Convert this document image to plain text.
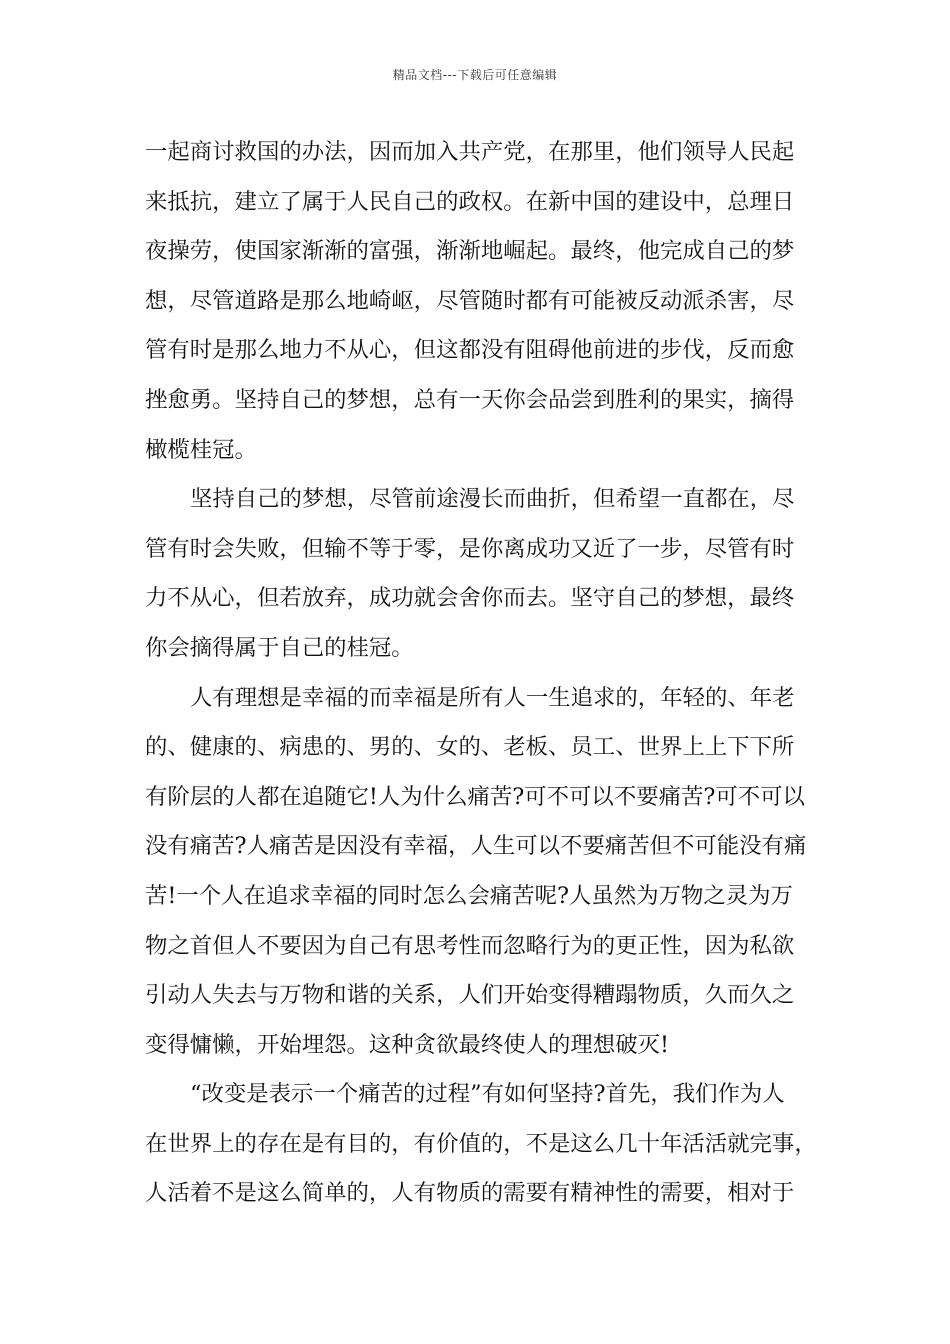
精品文档---下载后可任意编辑
一起商讨救国的办法，因而加入共产党，在那里，他们领导人民起
来抵抗，建立了属于人民自己的政权。在新中国的建设中，总理日
夜操劳，使国家渐渐的富强，渐渐地崛起。最终，他完成自己的梦
想，尽管道路是那么地崎岖，尽管随时都有可能被反动派杀害，尽
管有时是那么地力不从心，但这都没有阻碍他前进的步伐，反而愈
挫愈勇。坚持自己的梦想，总有一天你会品尝到胜利的果实，摘得
橄榄桂冠。
坚持自己的梦想，尽管前途漫长而曲折，但希望一直都在，尽
管有时会失败，但输不等于零，是你离成功又近了一步，尽管有时
力不从心，但若放弃，成功就会舍你而去。坚守自己的梦想，最终
你会摘得属于自己的桂冠。
人有理想是幸福的而幸福是所有人一生追求的，年轻的、年老
的、健康的、病患的、男的、女的、老板、员工、世界上上下下所
有阶层的人都在追随它!人为什么痛苦?可不可以不要痛苦?可不可以
没有痛苦?人痛苦是因没有幸福，人生可以不要痛苦但不可能没有痛
苦!一个人在追求幸福的同时怎么会痛苦呢?人虽然为万物之灵为万
物之首但人不要因为自己有思考性而忽略行为的更正性，因为私欲
引动人失去与万物和谐的关系，人们开始变得糟蹋物质，久而久之
变得慵懒，开始埋怨。这种贪欲最终使人的理想破灭!
“改变是表示一个痛苦的过程”有如何坚持?首先，我们作为人
在世界上的存在是有目的，有价值的，不是这么几十年活活就完事，
人活着不是这么简单的，人有物质的需要有精神性的需要，相对于
